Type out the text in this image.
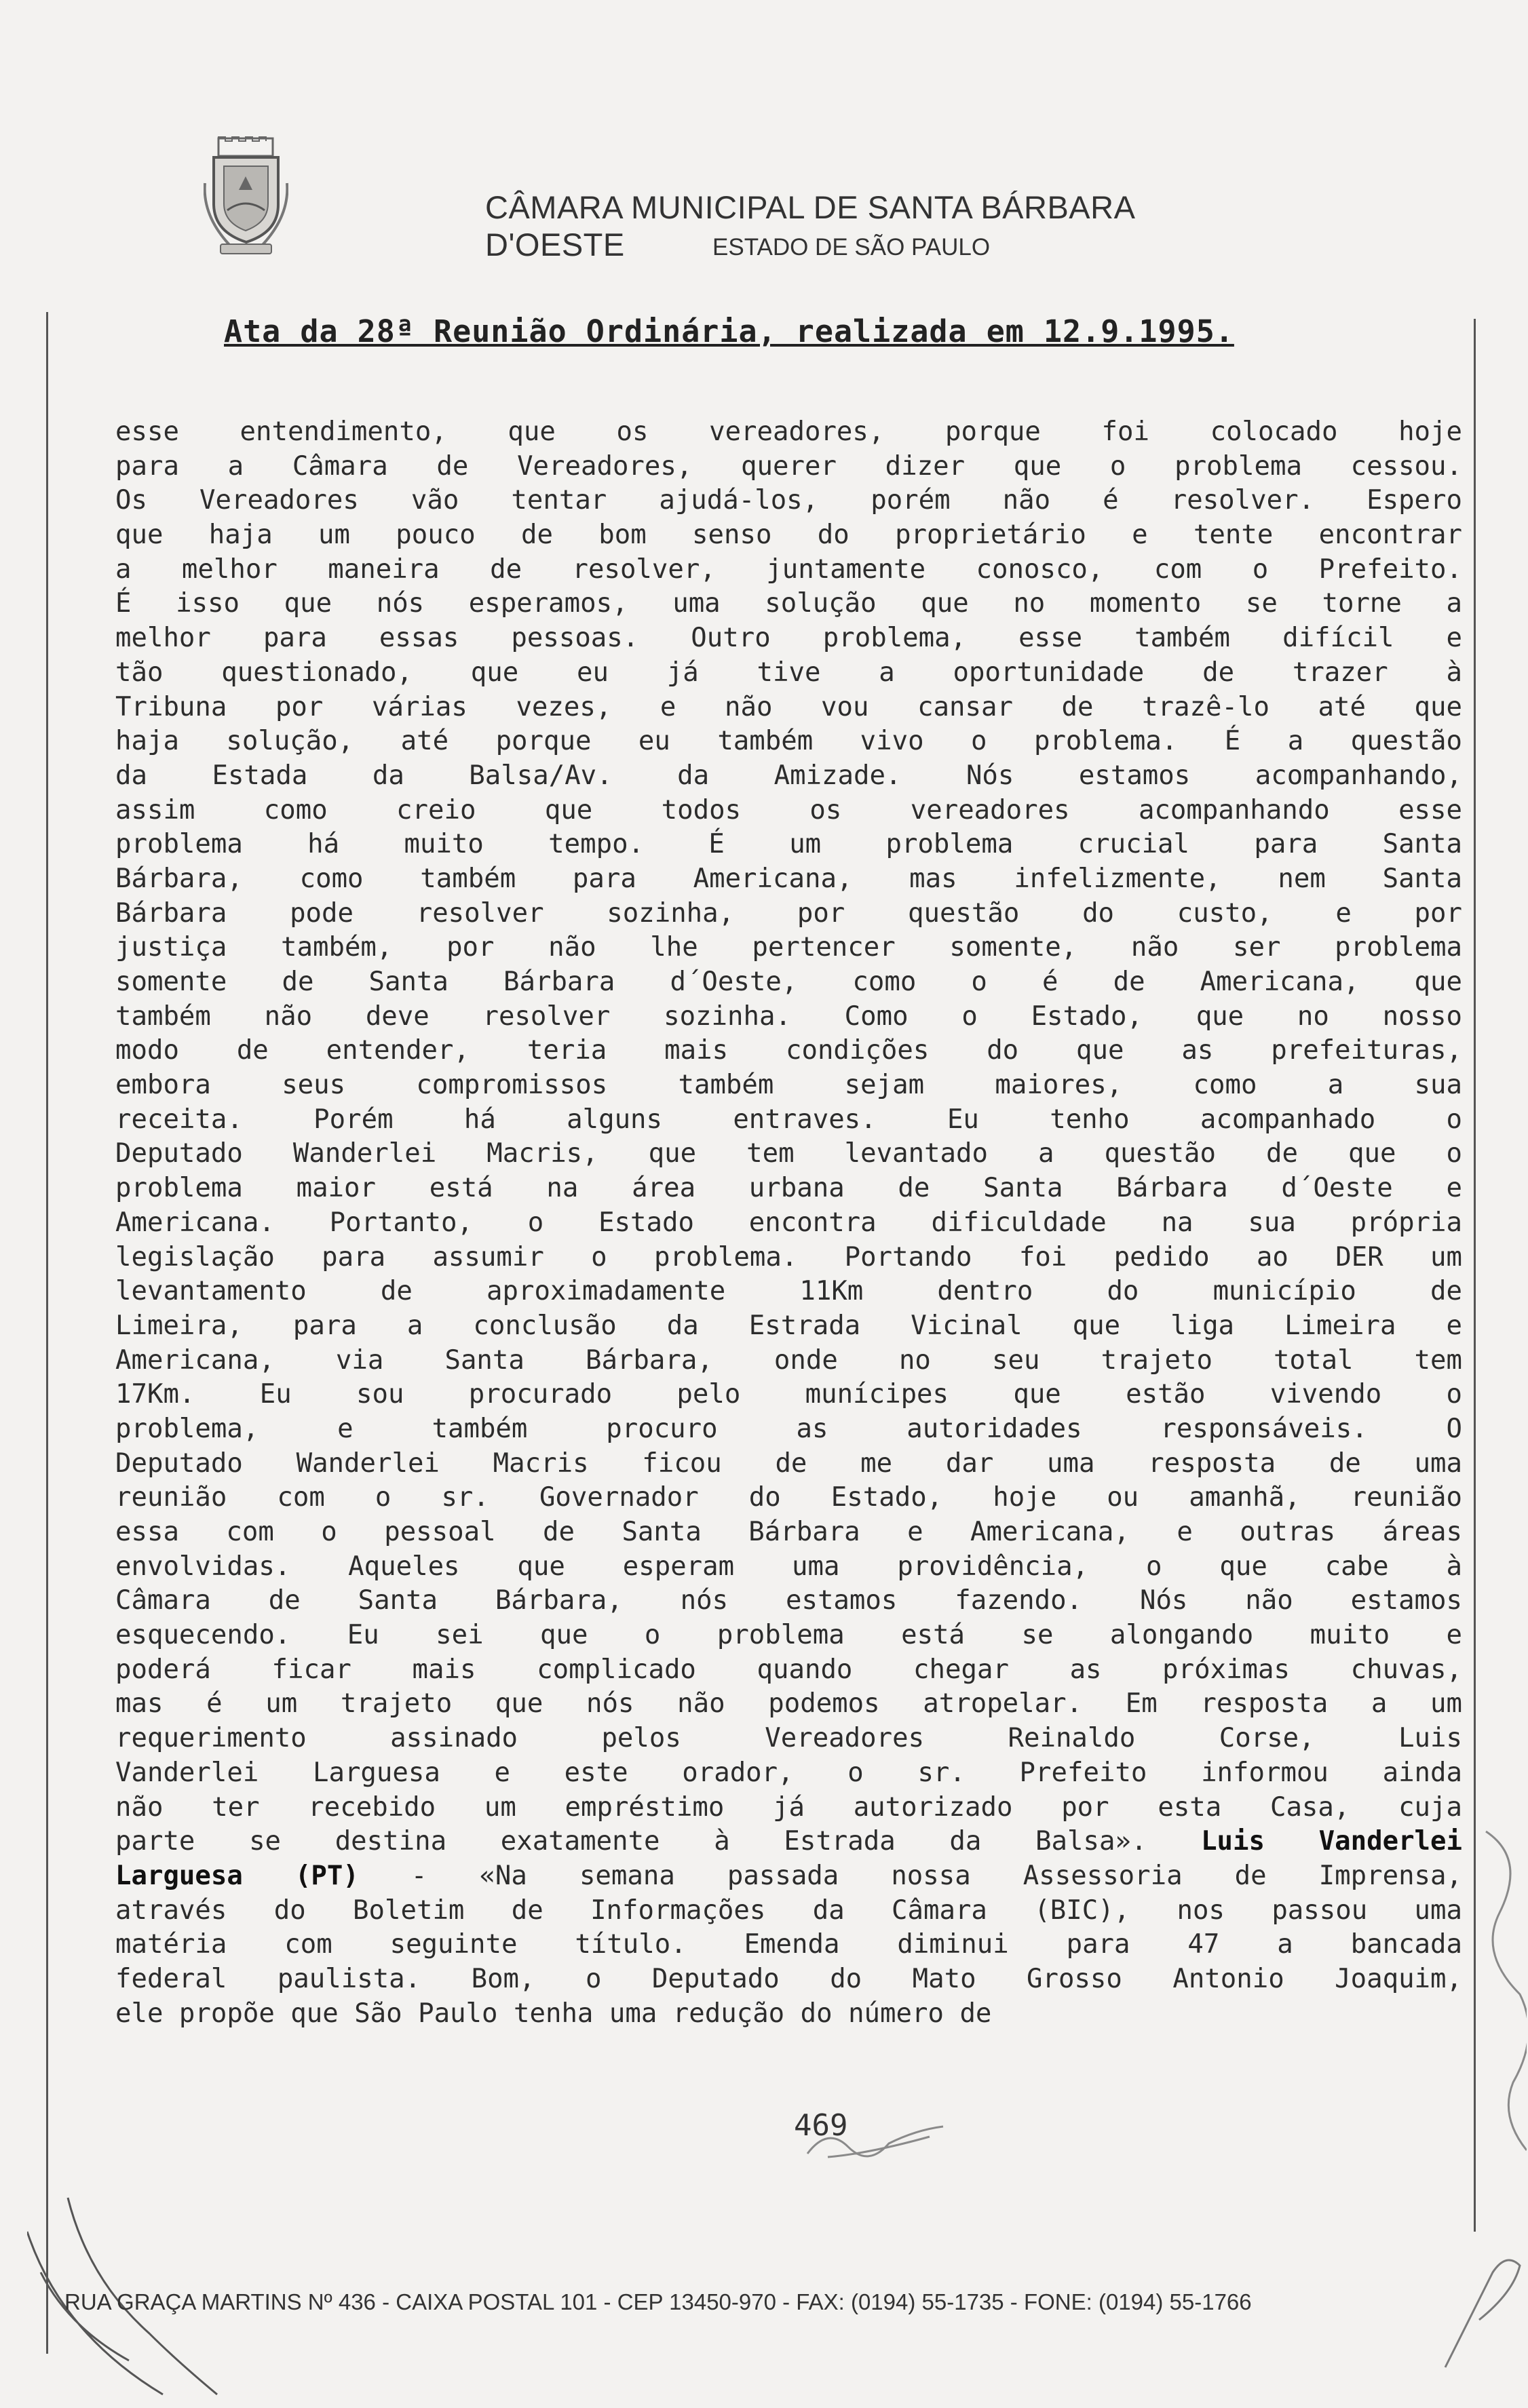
CÂMARA MUNICIPAL DE SANTA BÁRBARA D'OESTE	ESTADO DE SÃO PAULO
Ata da 28ª Reunião Ordinária, realizada em 12.9.1995.
esse entendimento, que os vereadores, porque foi colocado hoje
para a Câmara de Vereadores, querer dizer que o problema cessou.
Os Vereadores vão tentar ajudá-los, porém não é resolver. Espero
que haja um pouco de bom senso do proprietário e tente encontrar
a melhor maneira de resolver, juntamente conosco, com o Prefeito.
É isso que nós esperamos, uma solução que no momento se torne a
melhor para essas pessoas. Outro problema, esse também difícil e
tão questionado, que eu já tive a oportunidade de trazer à
Tribuna por várias vezes, e não vou cansar de trazê-lo até que
haja solução, até porque eu também vivo o problema. É a questão
da Estada da Balsa/Av. da Amizade. Nós estamos acompanhando,
assim como creio que todos os vereadores acompanhando esse
problema há muito tempo. É um problema crucial para Santa
Bárbara, como também para Americana, mas infelizmente, nem Santa
Bárbara pode resolver sozinha, por questão do custo, e por
justiça também, por não lhe pertencer somente, não ser problema
somente de Santa Bárbara d´Oeste, como o é de Americana, que
também não deve resolver sozinha. Como o Estado, que no nosso
modo de entender, teria mais condições do que as prefeituras,
embora seus compromissos também sejam maiores, como a sua
receita. Porém há alguns entraves. Eu tenho acompanhado o
Deputado Wanderlei Macris, que tem levantado a questão de que o
problema maior está na área urbana de Santa Bárbara d´Oeste e
Americana. Portanto, o Estado encontra dificuldade na sua própria
legislação para assumir o problema. Portando foi pedido ao DER um
levantamento de aproximadamente 11Km dentro do município de
Limeira, para a conclusão da Estrada Vicinal que liga Limeira e
Americana, via Santa Bárbara, onde no seu trajeto total tem
17Km. Eu sou procurado pelo munícipes que estão vivendo o
problema, e também procuro as autoridades responsáveis. O
Deputado Wanderlei Macris ficou de me dar uma resposta de uma
reunião com o sr. Governador do Estado, hoje ou amanhã, reunião
essa com o pessoal de Santa Bárbara e Americana, e outras áreas
envolvidas. Aqueles que esperam uma providência, o que cabe à
Câmara de Santa Bárbara, nós estamos fazendo. Nós não estamos
esquecendo. Eu sei que o problema está se alongando muito e
poderá ficar mais complicado quando chegar as próximas chuvas,
mas é um trajeto que nós não podemos atropelar. Em resposta a um
requerimento assinado pelos Vereadores Reinaldo Corse, Luis
Vanderlei Larguesa e este orador, o sr. Prefeito informou ainda
não ter recebido um empréstimo já autorizado por esta Casa, cuja
parte se destina exatamente à Estrada da Balsa». Luis Vanderlei
Larguesa (PT) - «Na semana passada nossa Assessoria de Imprensa,
através do Boletim de Informações da Câmara (BIC), nos passou uma
matéria com seguinte título. Emenda diminui para 47 a bancada
federal paulista. Bom, o Deputado do Mato Grosso Antonio Joaquim,
ele propõe que São Paulo tenha uma redução do número de
469
RUA GRAÇA MARTINS Nº 436 - CAIXA POSTAL 101 - CEP 13450-970 - FAX: (0194) 55-1735 - FONE: (0194) 55-1766
